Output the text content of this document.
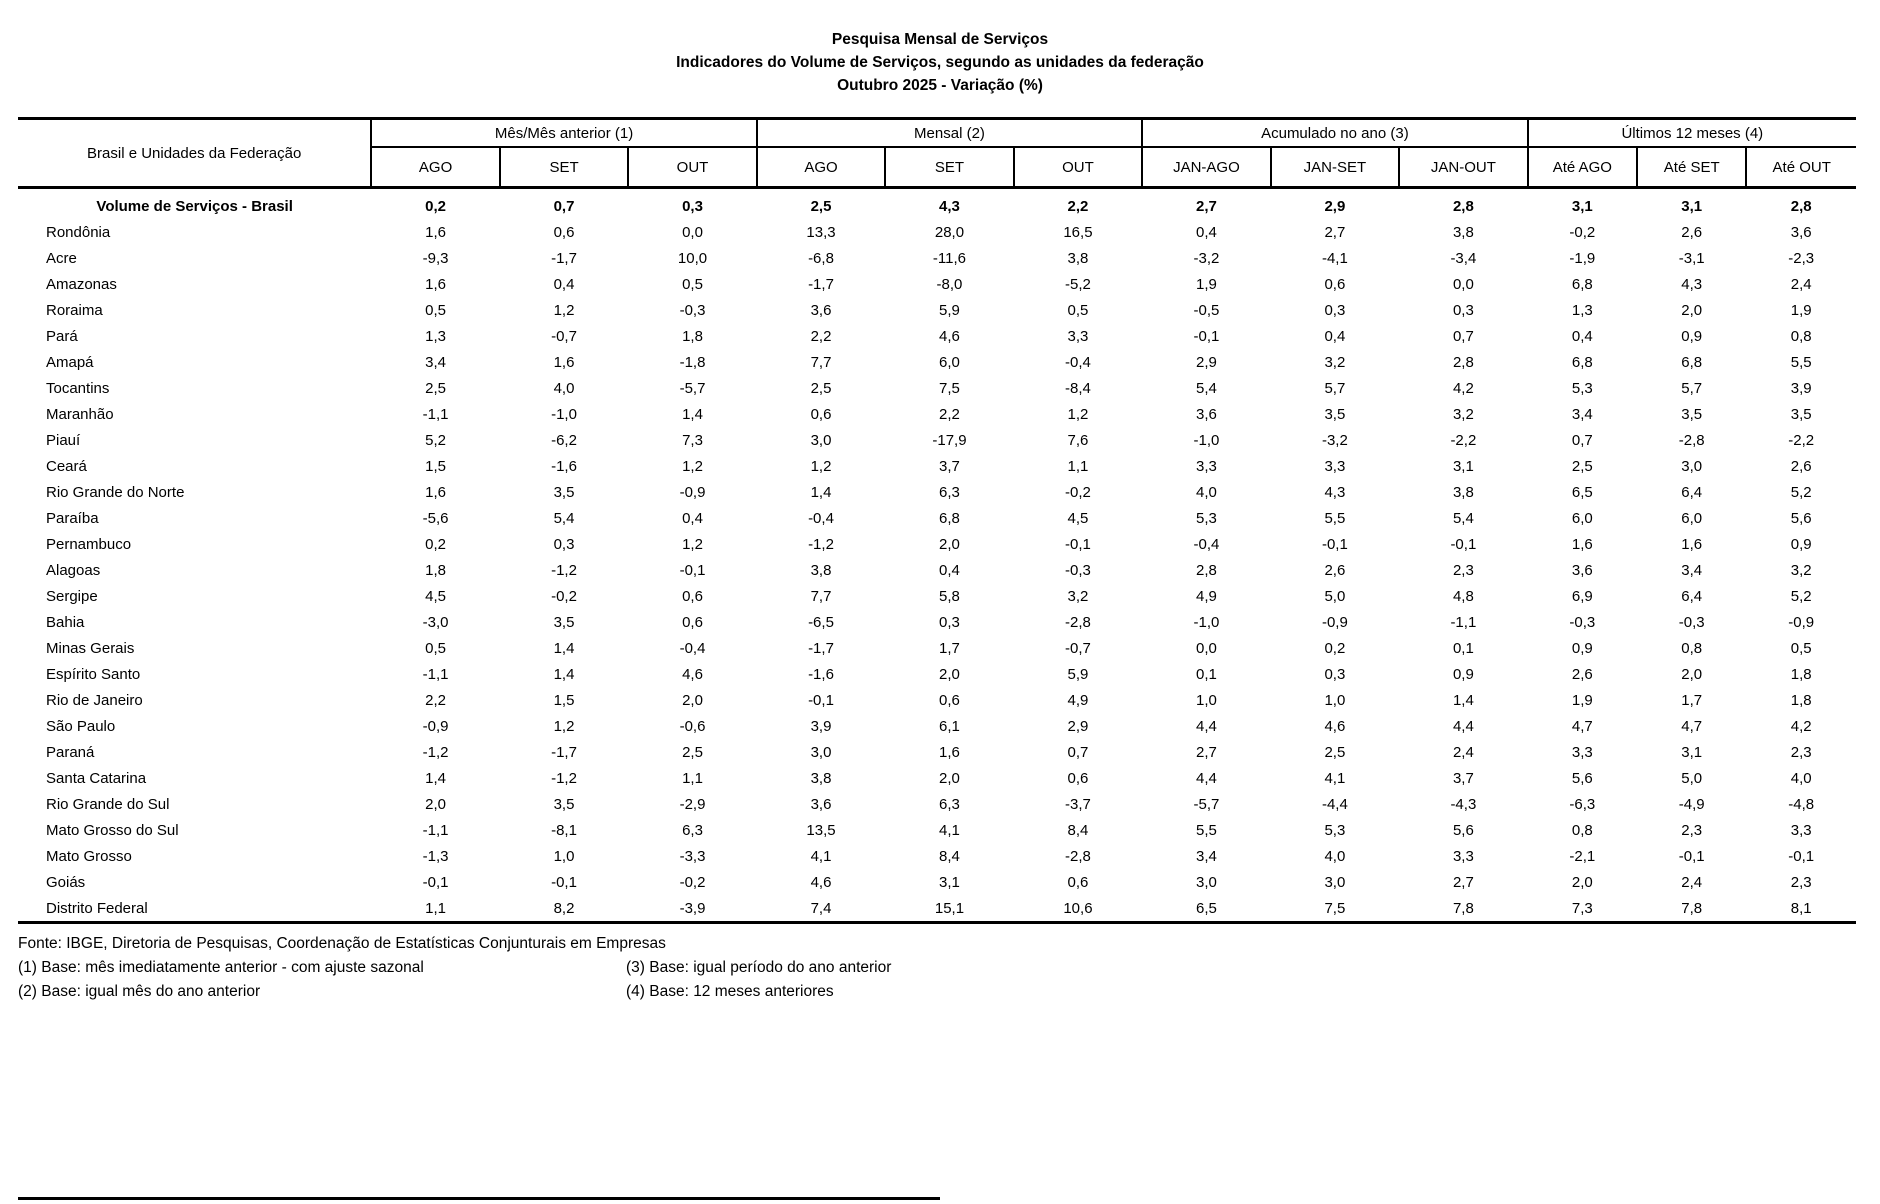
Pesquisa Mensal de Serviços
Indicadores do Volume de Serviços, segundo as unidades da federação
Outubro 2025 - Variação (%)
Brasil e Unidades da Federação	Mês/Mês anterior (1)			Mensal (2)			Acumulado no ano (3)			Últimos 12 meses (4)		
	AGO	SET	OUT	AGO	SET	OUT	JAN-AGO	JAN-SET	JAN-OUT	Até AGO	Até SET	Até OUT
Volume de Serviços - Brasil	0,2	0,7	0,3	2,5	4,3	2,2	2,7	2,9	2,8	3,1	3,1	2,8
Rondônia	1,6	0,6	0,0	13,3	28,0	16,5	0,4	2,7	3,8	-0,2	2,6	3,6
Acre	-9,3	-1,7	10,0	-6,8	-11,6	3,8	-3,2	-4,1	-3,4	-1,9	-3,1	-2,3
Amazonas	1,6	0,4	0,5	-1,7	-8,0	-5,2	1,9	0,6	0,0	6,8	4,3	2,4
Roraima	0,5	1,2	-0,3	3,6	5,9	0,5	-0,5	0,3	0,3	1,3	2,0	1,9
Pará	1,3	-0,7	1,8	2,2	4,6	3,3	-0,1	0,4	0,7	0,4	0,9	0,8
Amapá	3,4	1,6	-1,8	7,7	6,0	-0,4	2,9	3,2	2,8	6,8	6,8	5,5
Tocantins	2,5	4,0	-5,7	2,5	7,5	-8,4	5,4	5,7	4,2	5,3	5,7	3,9
Maranhão	-1,1	-1,0	1,4	0,6	2,2	1,2	3,6	3,5	3,2	3,4	3,5	3,5
Piauí	5,2	-6,2	7,3	3,0	-17,9	7,6	-1,0	-3,2	-2,2	0,7	-2,8	-2,2
Ceará	1,5	-1,6	1,2	1,2	3,7	1,1	3,3	3,3	3,1	2,5	3,0	2,6
Rio Grande do Norte	1,6	3,5	-0,9	1,4	6,3	-0,2	4,0	4,3	3,8	6,5	6,4	5,2
Paraíba	-5,6	5,4	0,4	-0,4	6,8	4,5	5,3	5,5	5,4	6,0	6,0	5,6
Pernambuco	0,2	0,3	1,2	-1,2	2,0	-0,1	-0,4	-0,1	-0,1	1,6	1,6	0,9
Alagoas	1,8	-1,2	-0,1	3,8	0,4	-0,3	2,8	2,6	2,3	3,6	3,4	3,2
Sergipe	4,5	-0,2	0,6	7,7	5,8	3,2	4,9	5,0	4,8	6,9	6,4	5,2
Bahia	-3,0	3,5	0,6	-6,5	0,3	-2,8	-1,0	-0,9	-1,1	-0,3	-0,3	-0,9
Minas Gerais	0,5	1,4	-0,4	-1,7	1,7	-0,7	0,0	0,2	0,1	0,9	0,8	0,5
Espírito Santo	-1,1	1,4	4,6	-1,6	2,0	5,9	0,1	0,3	0,9	2,6	2,0	1,8
Rio de Janeiro	2,2	1,5	2,0	-0,1	0,6	4,9	1,0	1,0	1,4	1,9	1,7	1,8
São Paulo	-0,9	1,2	-0,6	3,9	6,1	2,9	4,4	4,6	4,4	4,7	4,7	4,2
Paraná	-1,2	-1,7	2,5	3,0	1,6	0,7	2,7	2,5	2,4	3,3	3,1	2,3
Santa Catarina	1,4	-1,2	1,1	3,8	2,0	0,6	4,4	4,1	3,7	5,6	5,0	4,0
Rio Grande do Sul	2,0	3,5	-2,9	3,6	6,3	-3,7	-5,7	-4,4	-4,3	-6,3	-4,9	-4,8
Mato Grosso do Sul	-1,1	-8,1	6,3	13,5	4,1	8,4	5,5	5,3	5,6	0,8	2,3	3,3
Mato Grosso	-1,3	1,0	-3,3	4,1	8,4	-2,8	3,4	4,0	3,3	-2,1	-0,1	-0,1
Goiás	-0,1	-0,1	-0,2	4,6	3,1	0,6	3,0	3,0	2,7	2,0	2,4	2,3
Distrito Federal	1,1	8,2	-3,9	7,4	15,1	10,6	6,5	7,5	7,8	7,3	7,8	8,1
Fonte: IBGE, Diretoria de Pesquisas, Coordenação de Estatísticas Conjunturais em Empresas
(1) Base: mês imediatamente anterior - com ajuste sazonal	(3) Base: igual período do ano anterior
(2) Base: igual mês do ano anterior	(4) Base: 12 meses anteriores
